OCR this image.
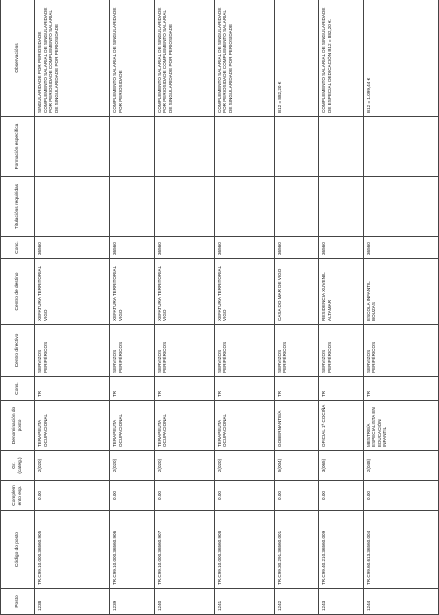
Posto	Código do posto	Complemento esp.	Gr. (categ.)	Denominación do posto	Cons.	Centro directivo	Centro de destino	Conc.	Titulacións requiridas	Formación específica	Observacións
1238	TR.C99.10.000.36560.905	0.00	2(020)	TERAPEUTA OCUPACIONAL	TR	SERVIZOS PERIFÉRICOS	XEFATURA TERRITORIAL VIGO	36560			SINGULARIDADE POR PERIOSIDADE COMPLEMENTO SALARIAL DE SINGULARIDADE POR PERIOSIDADE COMPLEMENTO SALARIAL DE SINGULARIDADE POR PERIOSIDADE
1239	TR.C99.10.000.36560.906	0.00	2(020)	TERAPEUTA OCUPACIONAL	TR	SERVIZOS PERIFÉRICOS	XEFATURA TERRITORIAL VIGO	36560			COMPLEMENTO SALARIAL DE SINGULARIDADE POR PERIOSIDADE
1240	TR.C99.10.000.36560.907	0.00	2(020)	TERAPEUTA OCUPACIONAL	TR	SERVIZOS PERIFÉRICOS	XEFATURA TERRITORIAL VIGO	36560			COMPLEMENTO SALARIAL DE SINGULARIDADE POR PERIOSIDADE COMPLEMENTO SALARIAL DE SINGULARIDADE POR PERIOSIDADE
1241	TR.C99.10.000.36560.908	0.00	2(020)	TERAPEUTA OCUPACIONAL	TR	SERVIZOS PERIFÉRICOS	XEFATURA TERRITORIAL VIGO	36560			COMPLEMENTO SALARIAL DE SINGULARIDADE POR PERIOSIDADE COMPLEMENTO SALARIAL DE SINGULARIDADE POR PERIOSIDADE
1242	TR.C99.30.291.36560.001	0.00	5(004)	GOBERNANTE/A	TR	SERVIZOS PERIFÉRICOS	CASA DO MAR DE VIGO	36560			B12 = 882,20 €
1243	TR.C99.40.210.36560.009	0.00	3(065)	OFICIAL 1ª COCIÑA	TR	SERVIZOS PERIFÉRICOS	RESIDENCIA XUVENIL ALTAMAR	36560			COMPLEMENTO SALARIAL DE SINGULARIDADE DE ESPECIAL DEDICACIÓN B12 = 882,20 €.
1244	TR.C99.60.613.36560.004	0.00	2(048)	MESTRE/A ESPECIALISTA EN EDUCACIÓN INFANTIL	TR	SERVIZOS PERIFÉRICOS	ESCOLA INFANTIL BOUZAS	36560			B12 = 1.099,44 €
